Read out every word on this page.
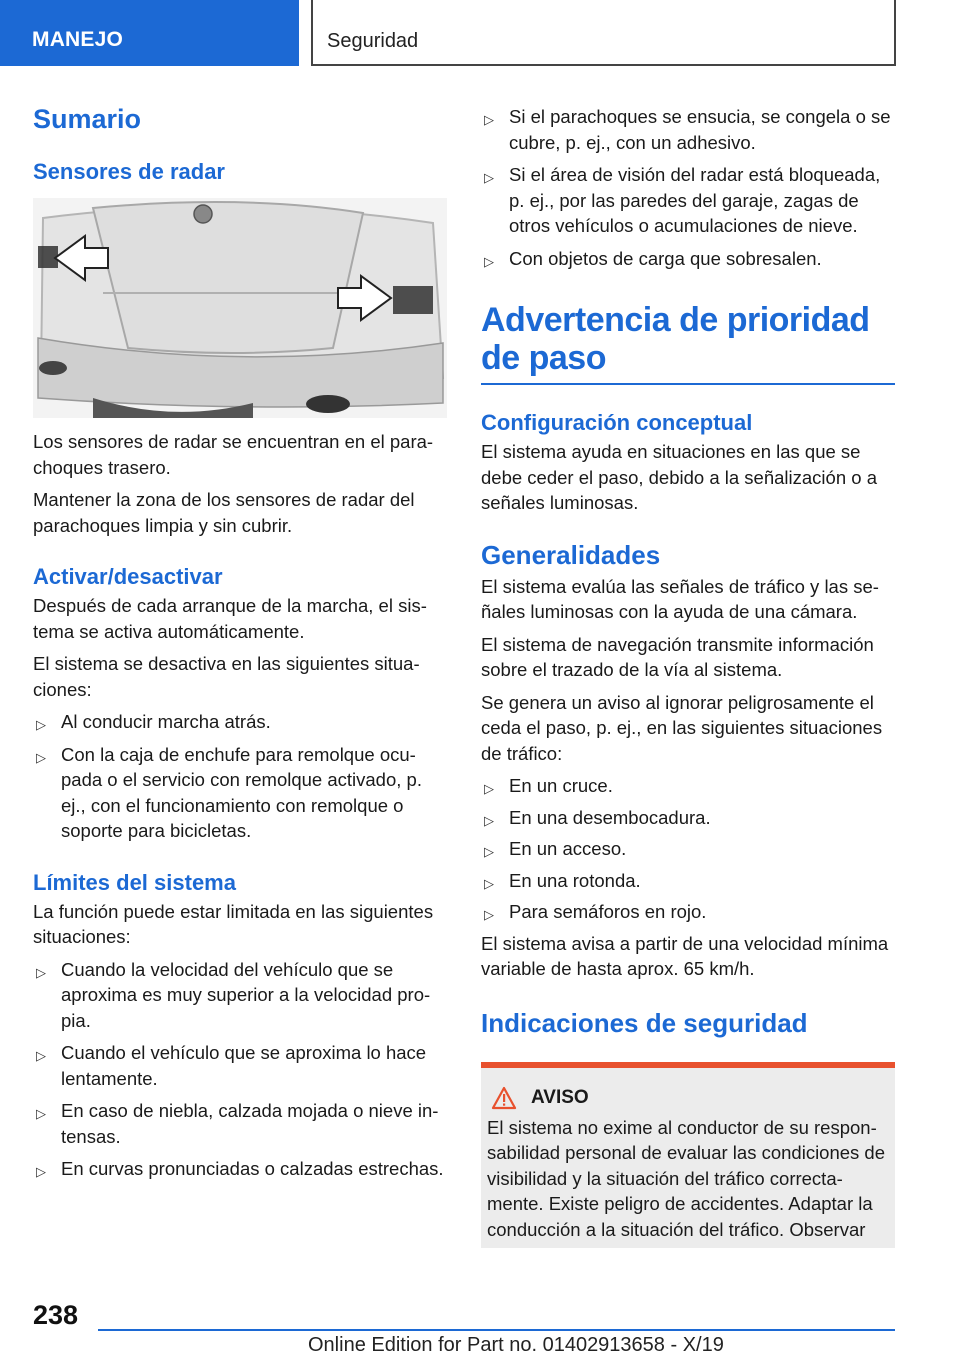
MANEJO	Seguridad
Sumario
Sensores de radar

Los sensores de radar se encuentran en el parachoques trasero.

Mantener la zona de los sensores de radar del parachoques limpia y sin cubrir.

Activar/desactivar

Después de cada arranque de la marcha, el sistema se activa automáticamente.

El sistema se desactiva en las siguientes situaciones:

▷ Al conducir marcha atrás.
▷ Con la caja de enchufe para remolque ocupada o el servicio con remolque activado, p. ej., con el funcionamiento con remolque o soporte para bicicletas.
Límites del sistema

La función puede estar limitada en las siguientes situaciones:

▷ Cuando la velocidad del vehículo que se aproxima es muy superior a la velocidad propia.
▷ Cuando el vehículo que se aproxima lo hace lentamente.
▷ En caso de niebla, calzada mojada o nieve intensas.
▷ En curvas pronunciadas o calzadas estrechas.
▷ Si el parachoques se ensucia, se congela o se cubre, p. ej., con un adhesivo.
▷ Si el área de visión del radar está bloqueada, p. ej., por las paredes del garaje, zagas de otros vehículos o acumulaciones de nieve.
▷ Con objetos de carga que sobresalen.
Advertencia de prioridad de paso
Configuración conceptual

El sistema ayuda en situaciones en las que se debe ceder el paso, debido a la señalización o a señales luminosas.

Generalidades

El sistema evalúa las señales de tráfico y las señales luminosas con la ayuda de una cámara.

El sistema de navegación transmite información sobre el trazado de la vía al sistema.

Se genera un aviso al ignorar peligrosamente el ceda el paso, p. ej., en las siguientes situaciones de tráfico:

▷ En un cruce.
▷ En una desembocadura.
▷ En un acceso.
▷ En una rotonda.
▷ Para semáforos en rojo.

El sistema avisa a partir de una velocidad mínima variable de hasta aprox. 65 km/h.

Indicaciones de seguridad
AVISO

El sistema no exime al conductor de su responsabilidad personal de evaluar las condiciones de visibilidad y la situación del tráfico correctamente. Existe peligro de accidentes. Adaptar la conducción a la situación del tráfico. Observar

238
Online Edition for Part no. 01402913658 - X/19
